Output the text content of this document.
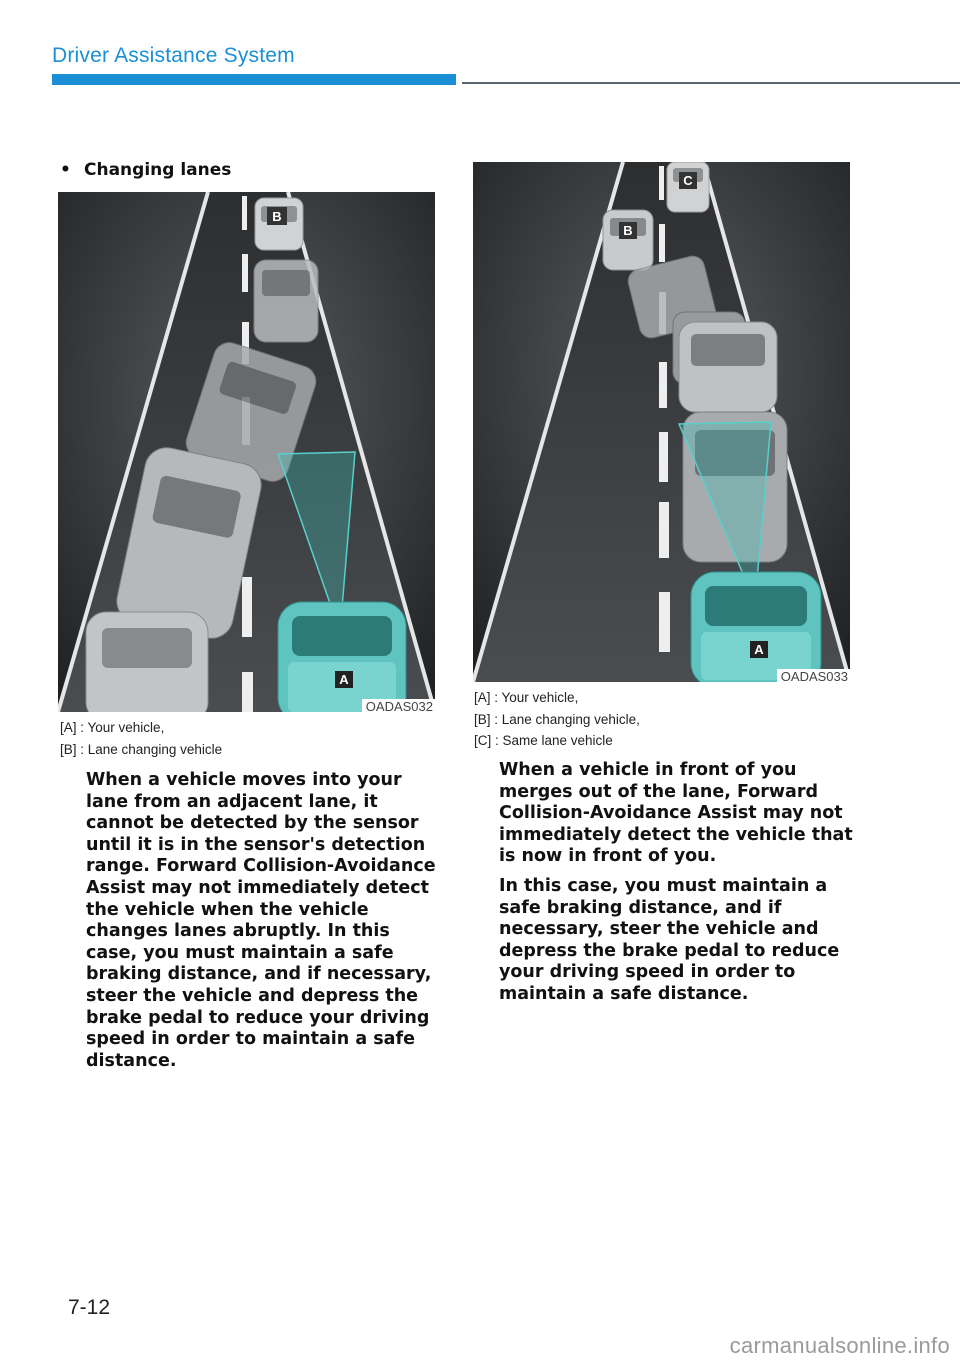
Driver Assistance System
• Changing lanes
B
A
OADAS032
[A] : Your vehicle,
[B] : Lane changing vehicle

When a vehicle moves into your lane from an adjacent lane, it cannot be detected by the sensor until it is in the sensor's detection range. Forward Collision-Avoidance Assist may not immediately detect the vehicle when the vehicle changes lanes abruptly. In this case, you must maintain a safe braking distance, and if necessary, steer the vehicle and depress the brake pedal to reduce your driving speed in order to maintain a safe distance.

C
B
A
OADAS033
[A] : Your vehicle,
[B] : Lane changing vehicle,
[C] : Same lane vehicle

When a vehicle in front of you merges out of the lane, Forward Collision-Avoidance Assist may not immediately detect the vehicle that is now in front of you.

In this case, you must maintain a safe braking distance, and if necessary, steer the vehicle and depress the brake pedal to reduce your driving speed in order to maintain a safe distance.

7-12
carmanualsonline.info
